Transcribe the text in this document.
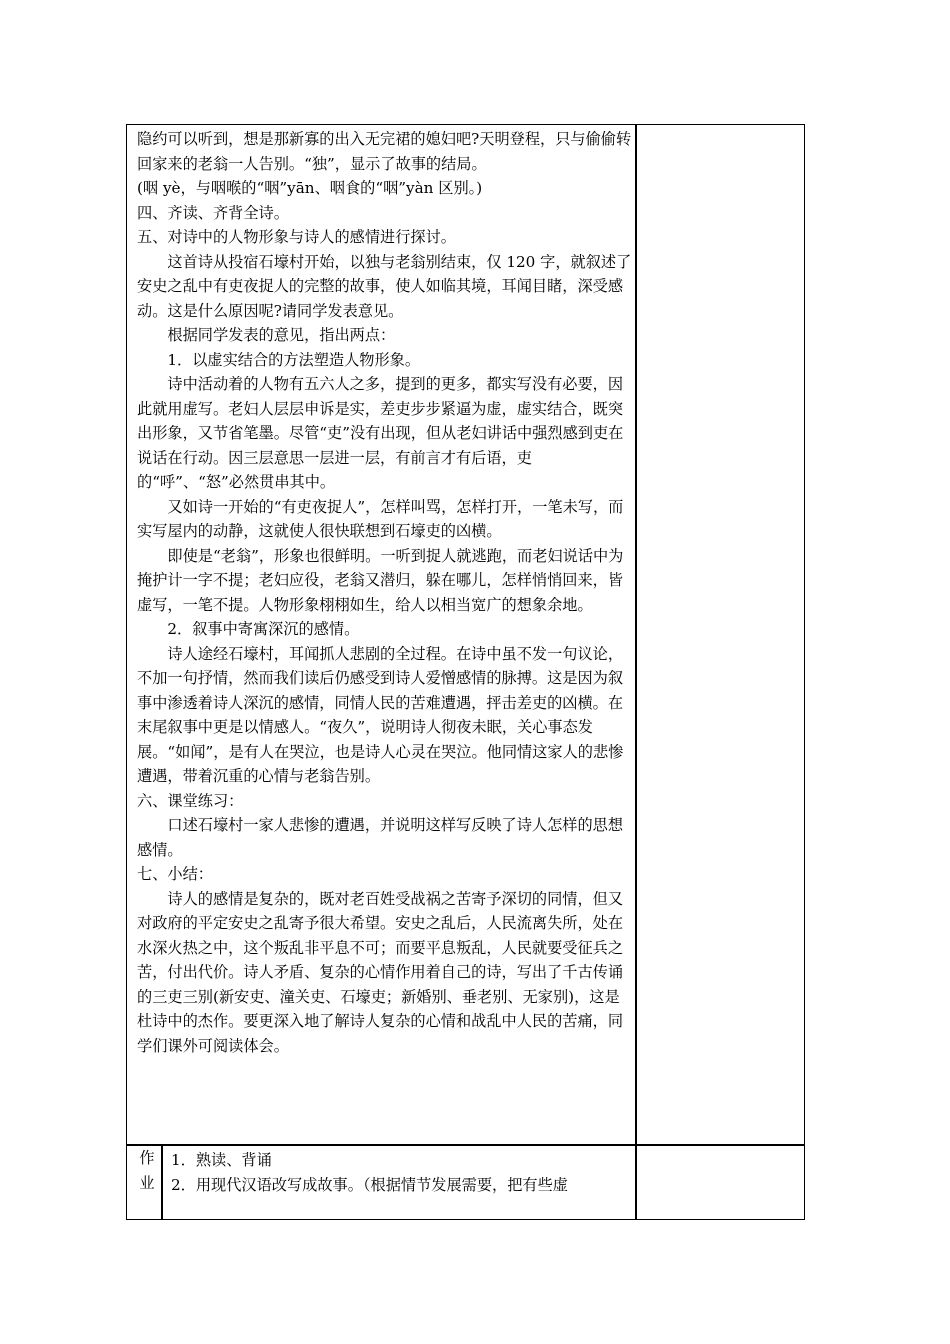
隐约可以听到，想是那新寡的出入无完裙的媳妇吧?天明登程，只与偷偷转回家来的老翁一人告别。“独”，显示了故事的结局。

(咽 yè，与咽喉的“咽”yān、咽食的“咽”yàn 区别。)

四、齐读、齐背全诗。

五、对诗中的人物形象与诗人的感情进行探讨。

这首诗从投宿石壕村开始，以独与老翁别结束，仅 120 字，就叙述了安史之乱中有吏夜捉人的完整的故事，使人如临其境，耳闻目睹，深受感动。这是什么原因呢?请同学发表意见。

根据同学发表的意见，指出两点：

1．以虚实结合的方法塑造人物形象。

诗中活动着的人物有五六人之多，提到的更多，都实写没有必要，因此就用虚写。老妇人层层申诉是实，差吏步步紧逼为虚，虚实结合，既突出形象，又节省笔墨。尽管“吏”没有出现，但从老妇讲话中强烈感到吏在说话在行动。因三层意思一层进一层，有前言才有后语，吏的“呼”、“怒”必然贯串其中。

又如诗一开始的“有吏夜捉人”，怎样叫骂，怎样打开，一笔未写，而实写屋内的动静，这就使人很快联想到石壕吏的凶横。

即使是“老翁”，形象也很鲜明。一听到捉人就逃跑，而老妇说话中为掩护计一字不提；老妇应役，老翁又潜归，躲在哪儿，怎样悄悄回来，皆虚写，一笔不提。人物形象栩栩如生，给人以相当宽广的想象余地。

2．叙事中寄寓深沉的感情。

诗人途经石壕村，耳闻抓人悲剧的全过程。在诗中虽不发一句议论，不加一句抒情，然而我们读后仍感受到诗人爱憎感情的脉搏。这是因为叙事中渗透着诗人深沉的感情，同情人民的苦难遭遇，抨击差吏的凶横。在末尾叙事中更是以情感人。“夜久”，说明诗人彻夜未眠，关心事态发展。“如闻”，是有人在哭泣，也是诗人心灵在哭泣。他同情这家人的悲惨遭遇，带着沉重的心情与老翁告别。

六、课堂练习：

口述石壕村一家人悲惨的遭遇，并说明这样写反映了诗人怎样的思想感情。

七、小结：

诗人的感情是复杂的，既对老百姓受战祸之苦寄予深切的同情，但又对政府的平定安史之乱寄予很大希望。安史之乱后，人民流离失所，处在水深火热之中，这个叛乱非平息不可；而要平息叛乱，人民就要受征兵之苦，付出代价。诗人矛盾、复杂的心情作用着自己的诗，写出了千古传诵的三吏三别(新安吏、潼关吏、石壕吏；新婚别、垂老别、无家别)，这是杜诗中的杰作。要更深入地了解诗人复杂的心情和战乱中人民的苦痛，同学们课外可阅读体会。

作
业

1．熟读、背诵

2．用现代汉语改写成故事。（根据情节发展需要，把有些虚
